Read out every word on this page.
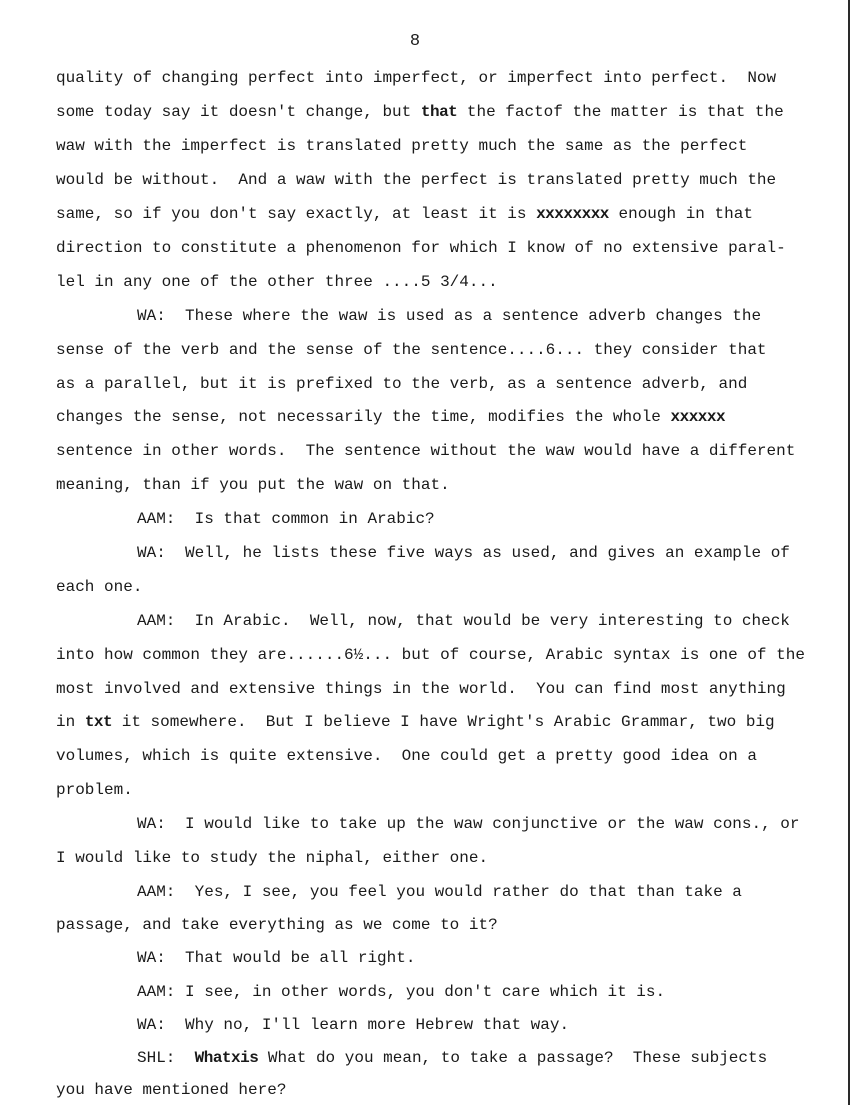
8
quality of changing perfect into imperfect, or imperfect into perfect.  Now
some today say it doesn't change, but that the factof the matter is that the
waw with the imperfect is translated pretty much the same as the perfect
would be without.  And a waw with the perfect is translated pretty much the
same, so if you don't say exactly, at least it is xxxxxxxx enough in that
direction to constitute a phenomenon for which I know of no extensive paral-
lel in any one of the other three ....5 3/4...
WA:  These where the waw is used as a sentence adverb changes the
sense of the verb and the sense of the sentence....6... they consider that
as a parallel, but it is prefixed to the verb, as a sentence adverb, and
changes the sense, not necessarily the time, modifies the whole xxxxxx
sentence in other words.  The sentence without the waw would have a different
meaning, than if you put the waw on that.
AAM:  Is that common in Arabic?
WA:  Well, he lists these five ways as used, and gives an example of
each one.
AAM:  In Arabic.  Well, now, that would be very interesting to check
into how common they are......6½... but of course, Arabic syntax is one of the
most involved and extensive things in the world.  You can find most anything
in txt it somewhere.  But I believe I have Wright's Arabic Grammar, two big
volumes, which is quite extensive.  One could get a pretty good idea on a
problem.
WA:  I would like to take up the waw conjunctive or the waw cons., or
I would like to study the niphal, either one.
AAM:  Yes, I see, you feel you would rather do that than take a
passage, and take everything as we come to it?
WA:  That would be all right.
AAM: I see, in other words, you don't care which it is.
WA:  Why no, I'll learn more Hebrew that way.
SHL:  Whatxis What do you mean, to take a passage?  These subjects
you have mentioned here?
